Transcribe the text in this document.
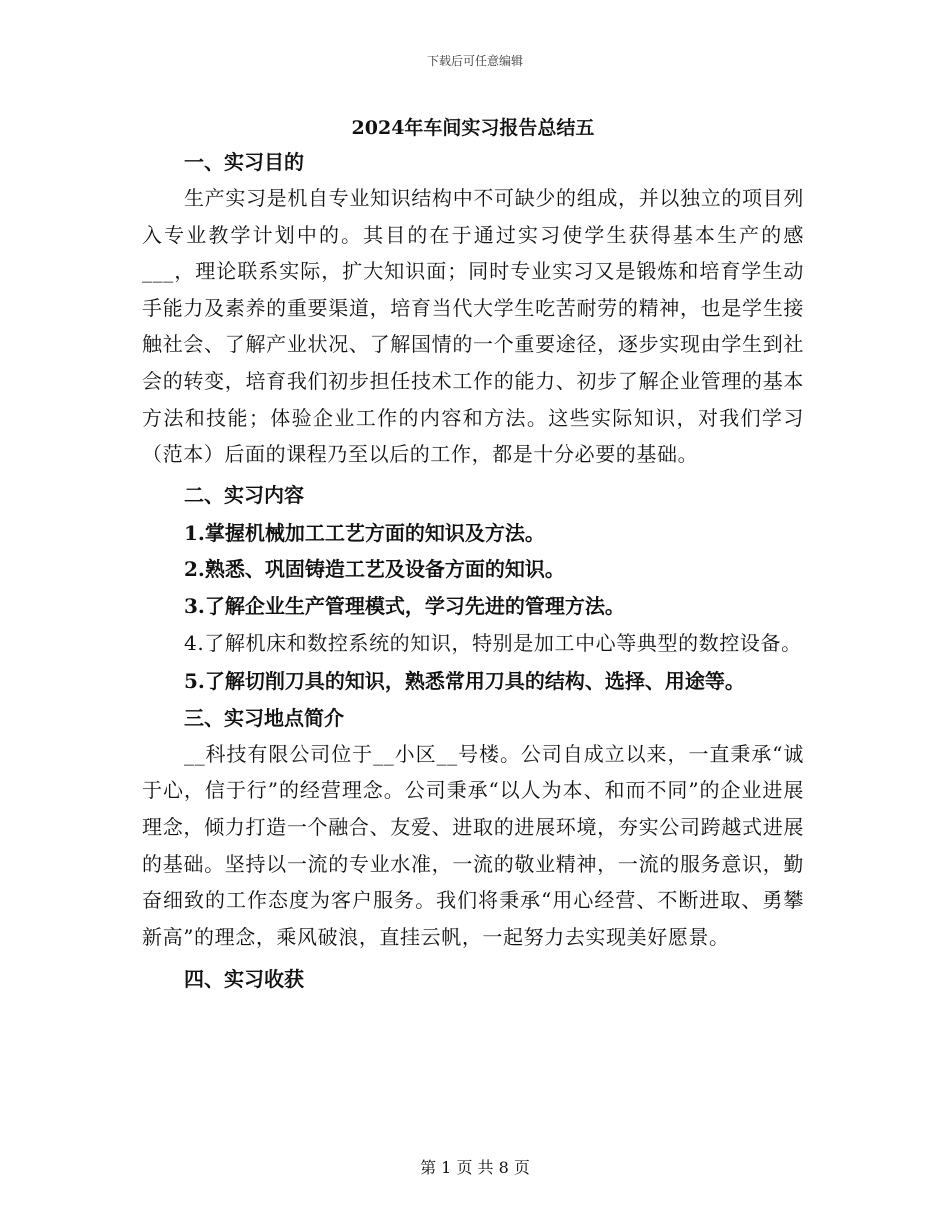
下载后可任意编辑
2024年车间实习报告总结五
一、实习目的

生产实习是机自专业知识结构中不可缺少的组成，并以独立的项目列入专业教学计划中的。其目的在于通过实习使学生获得基本生产的感___，理论联系实际，扩大知识面；同时专业实习又是锻炼和培育学生动手能力及素养的重要渠道，培育当代大学生吃苦耐劳的精神，也是学生接触社会、了解产业状况、了解国情的一个重要途径，逐步实现由学生到社会的转变，培育我们初步担任技术工作的能力、初步了解企业管理的基本方法和技能；体验企业工作的内容和方法。这些实际知识，对我们学习（范本）后面的课程乃至以后的工作，都是十分必要的基础。

二、实习内容

1.掌握机械加工工艺方面的知识及方法。

2.熟悉、巩固铸造工艺及设备方面的知识。

3.了解企业生产管理模式，学习先进的管理方法。

4.了解机床和数控系统的知识，特别是加工中心等典型的数控设备。

5.了解切削刀具的知识，熟悉常用刀具的结构、选择、用途等。

三、实习地点简介

__科技有限公司位于__小区__号楼。公司自成立以来，一直秉承“诚于心，信于行”的经营理念。公司秉承“以人为本、和而不同”的企业进展理念，倾力打造一个融合、友爱、进取的进展环境，夯实公司跨越式进展的基础。坚持以一流的专业水准，一流的敬业精神，一流的服务意识，勤奋细致的工作态度为客户服务。我们将秉承“用心经营、不断进取、勇攀新高”的理念，乘风破浪，直挂云帆，一起努力去实现美好愿景。

四、实习收获
第 1 页 共 8 页
